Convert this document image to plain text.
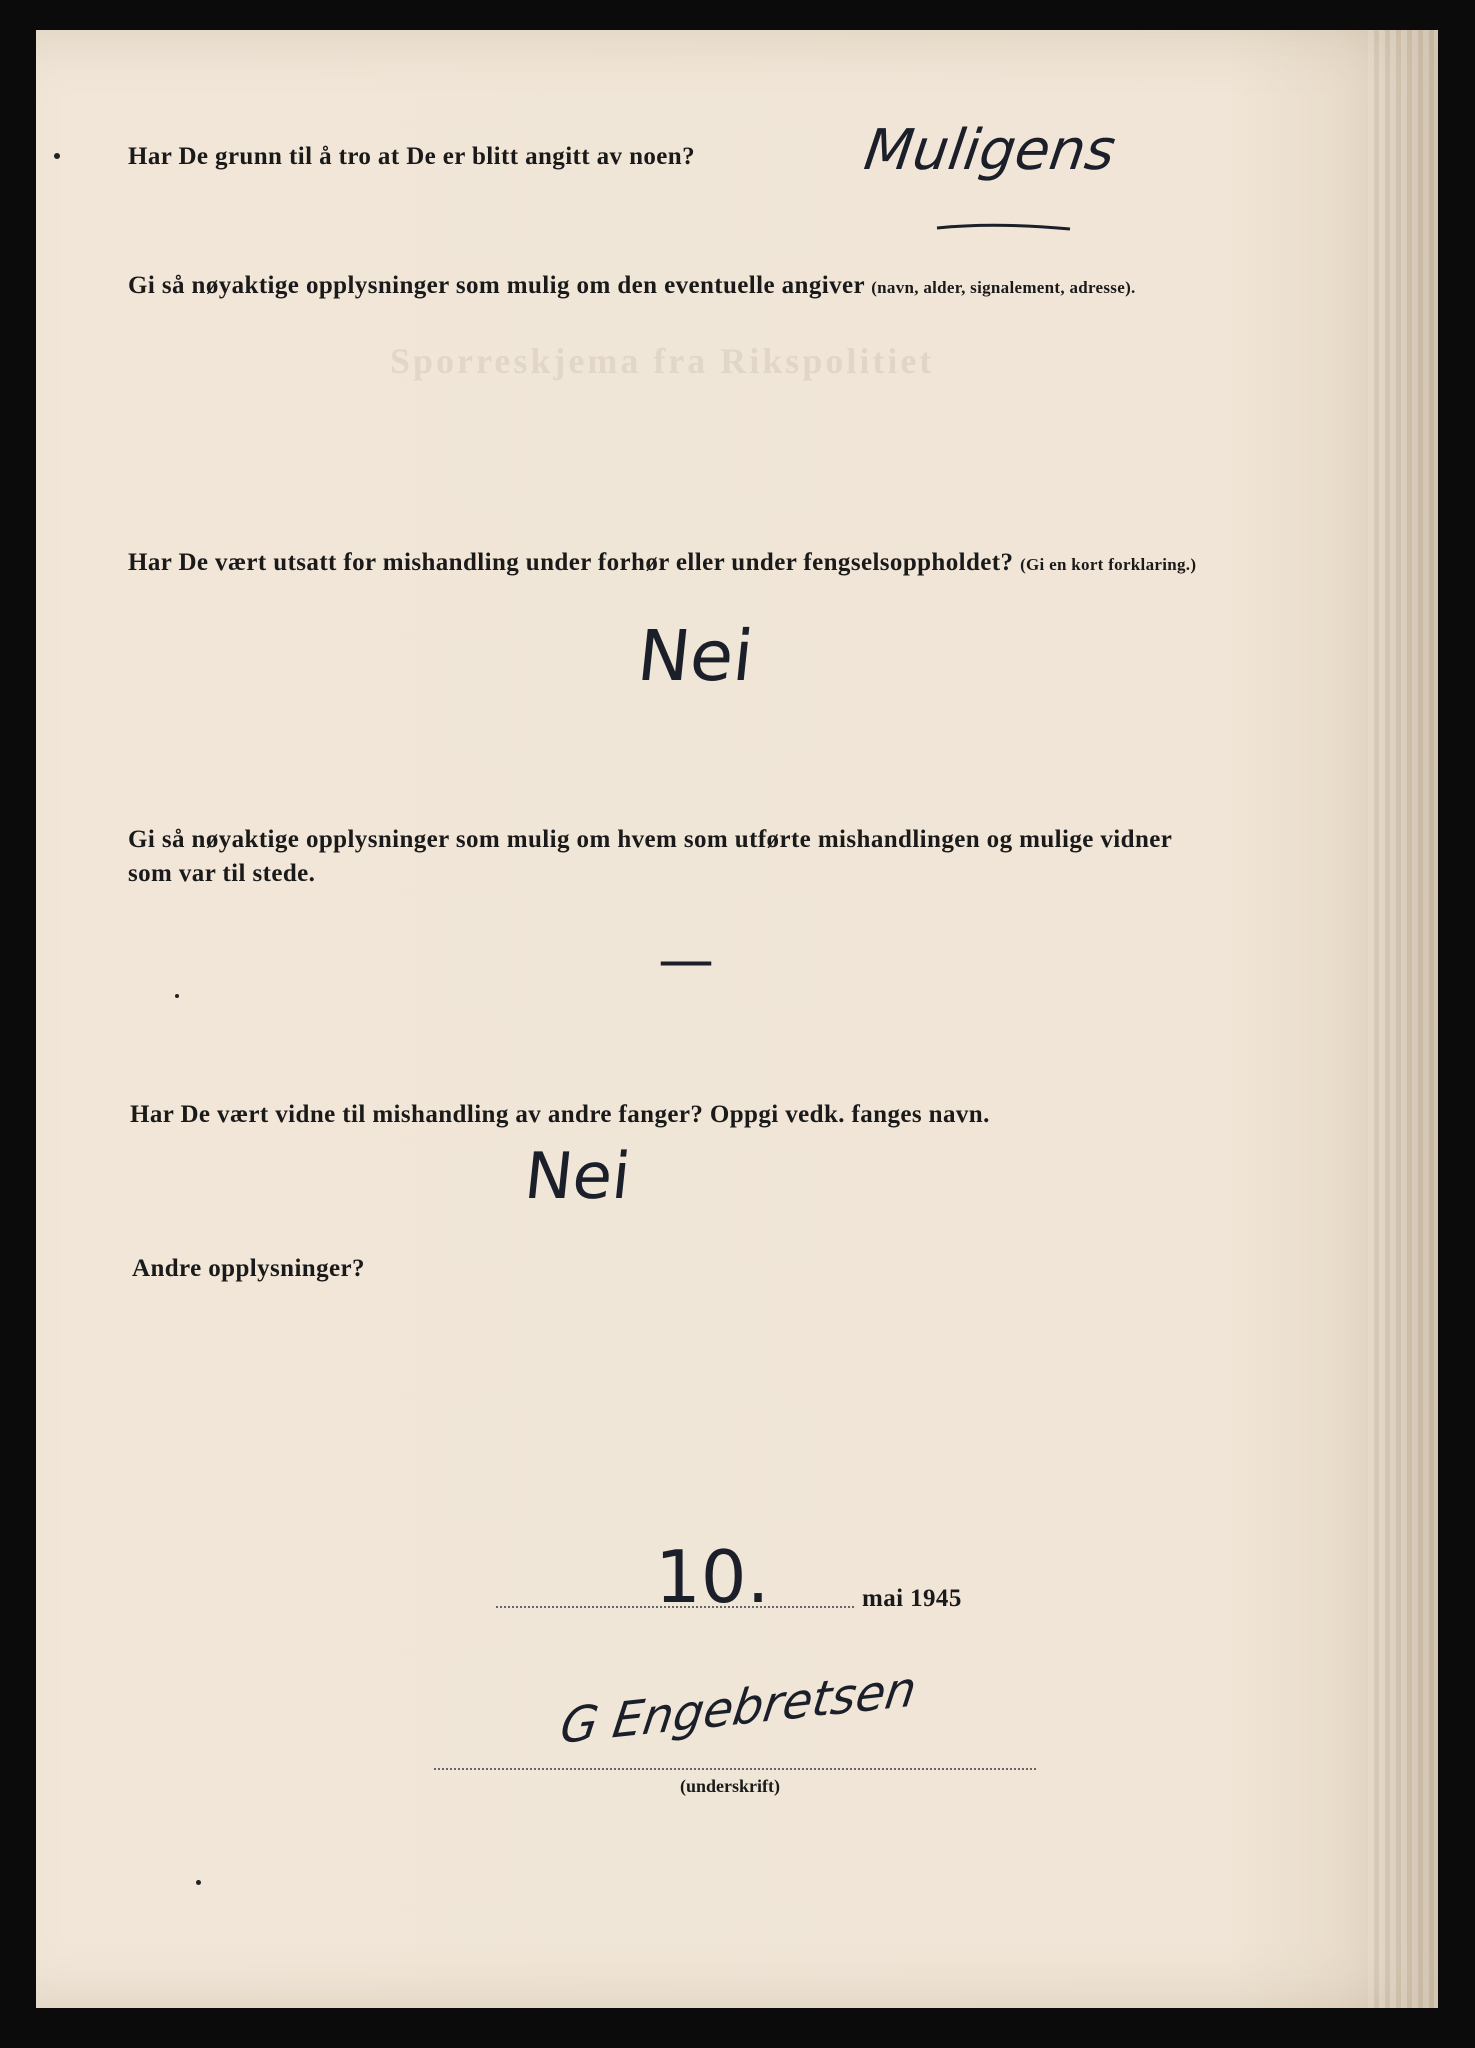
Sporreskjema fra Rikspolitiet
Har De grunn til å tro at De er blitt angitt av noen?	Muligens
Gi så nøyaktige opplysninger som mulig om den eventuelle angiver (navn, alder, signalement, adresse).
Har De vært utsatt for mishandling under forhør eller under fengselsoppholdet? (Gi en kort forklaring.)
Nei
Gi så nøyaktige opplysninger som mulig om hvem som utførte mishandlingen og mulige vidner
som var til stede.
—
Har De vært vidne til mishandling av andre fanger? Oppgi vedk. fanges navn.
Nei
Andre opplysninger?
10.	mai 1945
G Engebretsen
(underskrift)
